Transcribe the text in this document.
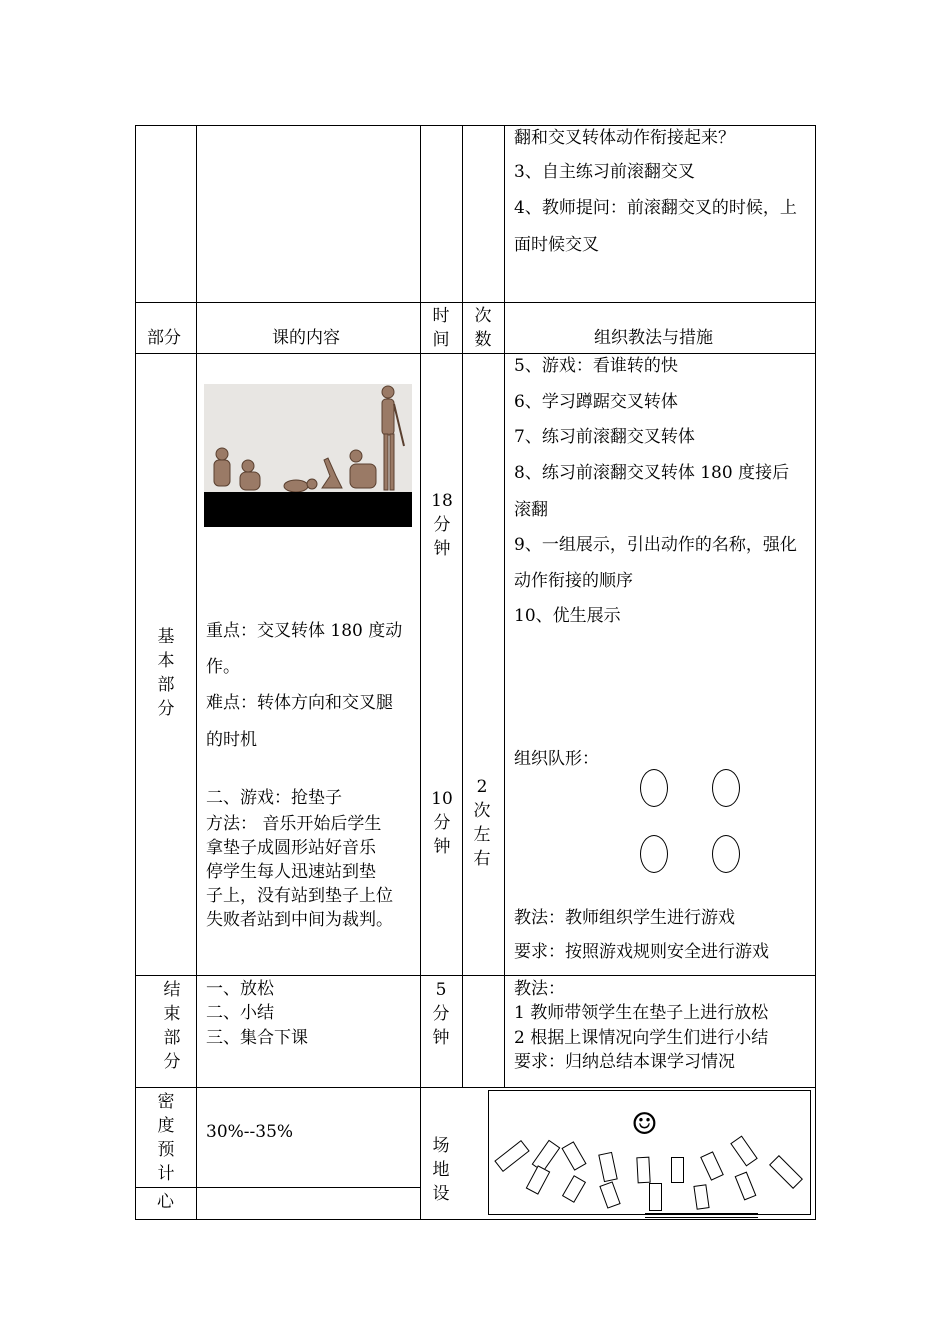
翻和交叉转体动作衔接起来？
3、自主练习前滚翻交叉
4、教师提问：前滚翻交叉的时候，上
面时候交叉
部分	课的内容
时
间
次
数	组织教法与措施
基
本
部
分
18
分
钟
重点：交叉转体 180 度动
作。
难点：转体方向和交叉腿
的时机
二、游戏：抢垫子
方法： 音乐开始后学生
拿垫子成圆形站好音乐
停学生每人迅速站到垫
子上，没有站到垫子上位
失败者站到中间为裁判。
10
分
钟
2
次
左
右
5、游戏：看谁转的快
6、学习蹲踞交叉转体
7、练习前滚翻交叉转体
8、练习前滚翻交叉转体 180 度接后
滚翻
9、一组展示，引出动作的名称，强化
动作衔接的顺序
10、优生展示
组织队形：
教法：教师组织学生进行游戏
要求：按照游戏规则安全进行游戏
结
束
部
分
一、放松
二、小结
三、集合下课
5
分
钟
教法：
1 教师带领学生在垫子上进行放松
2 根据上课情况向学生们进行小结
要求：归纳总结本课学习情况
密
度
预
计
30%--35%
心
场
地
设
☺
